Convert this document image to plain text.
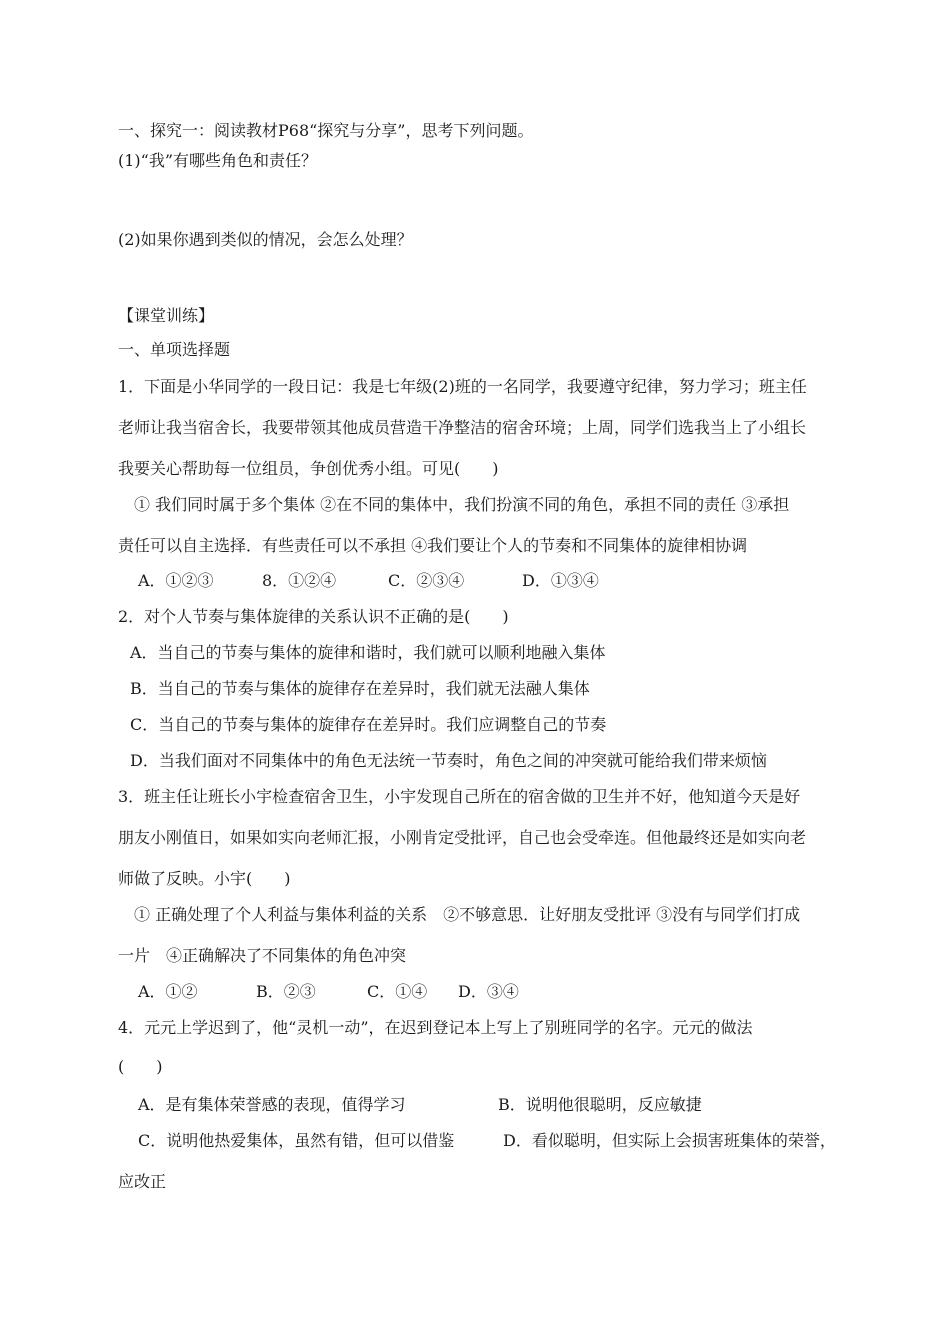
一、探究一：阅读教材P68“探究与分享”，思考下列问题。
(1)“我”有哪些角色和责任？
(2)如果你遇到类似的情况，会怎么处理？
【课堂训练】
一、单项选择题
1．下面是小华同学的一段日记：我是七年级(2)班的一名同学，我要遵守纪律，努力学习；班主任
老师让我当宿舍长，我要带领其他成员营造干净整洁的宿舍环境；上周，同学们选我当上了小组长
我要关心帮助每一位组员，争创优秀小组。可见(　　)
① 我们同时属于多个集体 ②在不同的集体中，我们扮演不同的角色，承担不同的责任 ③承担
责任可以自主选择．有些责任可以不承担 ④我们要让个人的节奏和不同集体的旋律相协调
A．①②③	8．①②④	C．②③④	D．①③④
2．对个人节奏与集体旋律的关系认识不正确的是(　　)
A．当自己的节奏与集体的旋律和谐时，我们就可以顺利地融入集体
B．当自己的节奏与集体的旋律存在差异时，我们就无法融人集体
C．当自己的节奏与集体的旋律存在差异时。我们应调整自己的节奏
D．当我们面对不同集体中的角色无法统一节奏时，角色之间的冲突就可能给我们带来烦恼
3．班主任让班长小宇检查宿舍卫生，小宇发现自己所在的宿舍做的卫生并不好，他知道今天是好
朋友小刚值日，如果如实向老师汇报，小刚肯定受批评，自己也会受牵连。但他最终还是如实向老
师做了反映。小宇(　　)
① 正确处理了个人利益与集体利益的关系　②不够意思．让好朋友受批评 ③没有与同学们打成
一片　④正确解决了不同集体的角色冲突
A．①②	B．②③	C．①④ D．③④
4．元元上学迟到了，他“灵机一动”，在迟到登记本上写上了别班同学的名字。元元的做法
(　　)
A．是有集体荣誉感的表现，值得学习	B．说明他很聪明，反应敏捷
C．说明他热爱集体，虽然有错，但可以借鉴	D．看似聪明，但实际上会损害班集体的荣誉，
应改正
